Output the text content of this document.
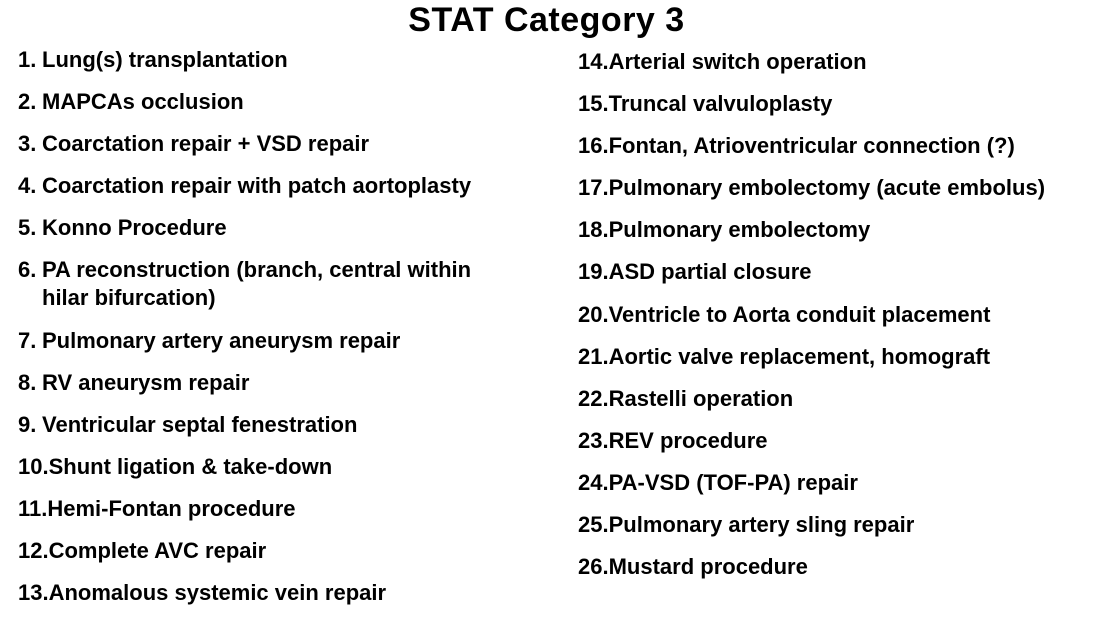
STAT Category 3
1. Lung(s) transplantation
2. MAPCAs occlusion
3. Coarctation repair + VSD repair
4. Coarctation repair with patch aortoplasty
5. Konno Procedure
6. PA reconstruction (branch, central within hilar bifurcation)
7. Pulmonary artery aneurysm repair
8. RV aneurysm repair
9. Ventricular septal fenestration
10. Shunt ligation & take-down
11. Hemi-Fontan procedure
12. Complete AVC repair
13. Anomalous systemic vein repair
14.Arterial switch operation
15.Truncal valvuloplasty
16.Fontan, Atrioventricular connection (?)
17.Pulmonary embolectomy (acute embolus)
18.Pulmonary embolectomy
19.ASD partial closure
20.Ventricle to Aorta conduit placement
21.Aortic valve replacement, homograft
22.Rastelli operation
23.REV procedure
24.PA-VSD (TOF-PA) repair
25.Pulmonary artery sling repair
26.Mustard procedure
